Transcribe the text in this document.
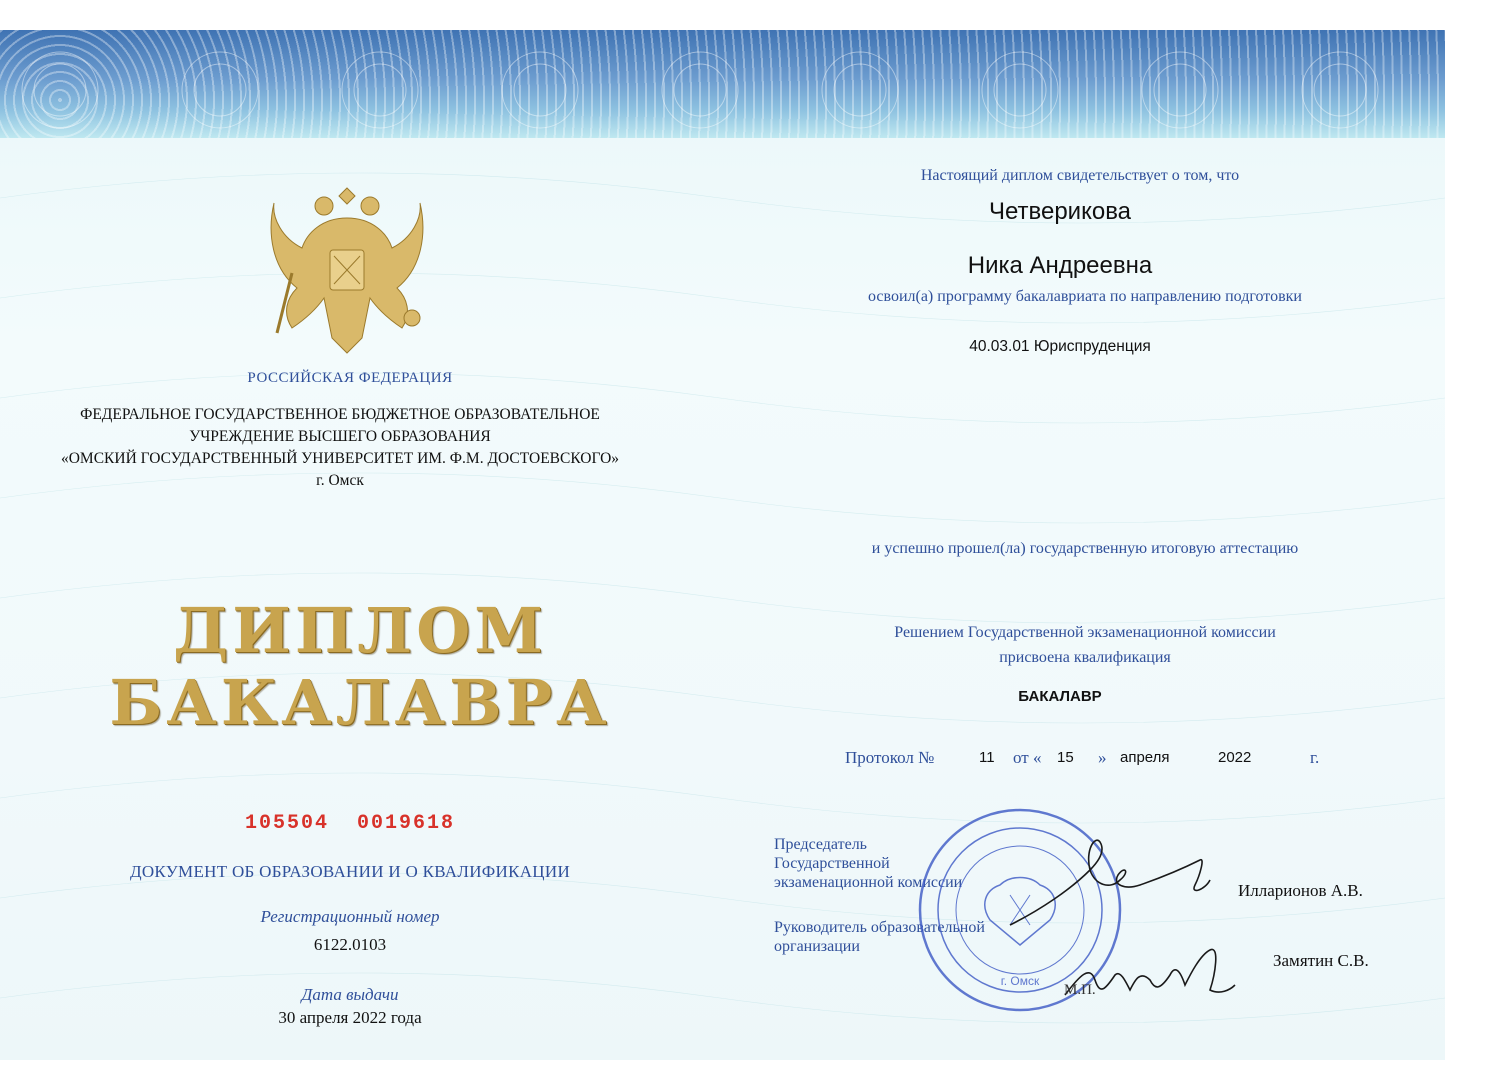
РОССИЙСКАЯ ФЕДЕРАЦИЯ
ФЕДЕРАЛЬНОЕ ГОСУДАРСТВЕННОЕ БЮДЖЕТНОЕ ОБРАЗОВАТЕЛЬНОЕ
УЧРЕЖДЕНИЕ ВЫСШЕГО ОБРАЗОВАНИЯ
«ОМСКИЙ ГОСУДАРСТВЕННЫЙ УНИВЕРСИТЕТ ИМ. Ф.М. ДОСТОЕВСКОГО»
г. Омск
ДИПЛОМ
БАКАЛАВРА
105504  0019618
ДОКУМЕНТ ОБ ОБРАЗОВАНИИ И О КВАЛИФИКАЦИИ
Регистрационный номер
6122.0103
Дата выдачи
30 апреля 2022 года
Настоящий диплом свидетельствует о том, что
Четверикова
Ника Андреевна
освоил(а) программу бакалавриата по направлению подготовки
40.03.01 Юриспруденция
и успешно прошел(ла) государственную итоговую аттестацию
Решением Государственной экзаменационной комиссии
присвоена квалификация
БАКАЛАВР
Протокол №	11 от « 15 » апреля	2022	г.
Председатель
Государственной
экзаменационной комиссии
Руководитель образовательной
организации
Илларионов А.В.
Замятин С.В.
г. Омск
М.П.
